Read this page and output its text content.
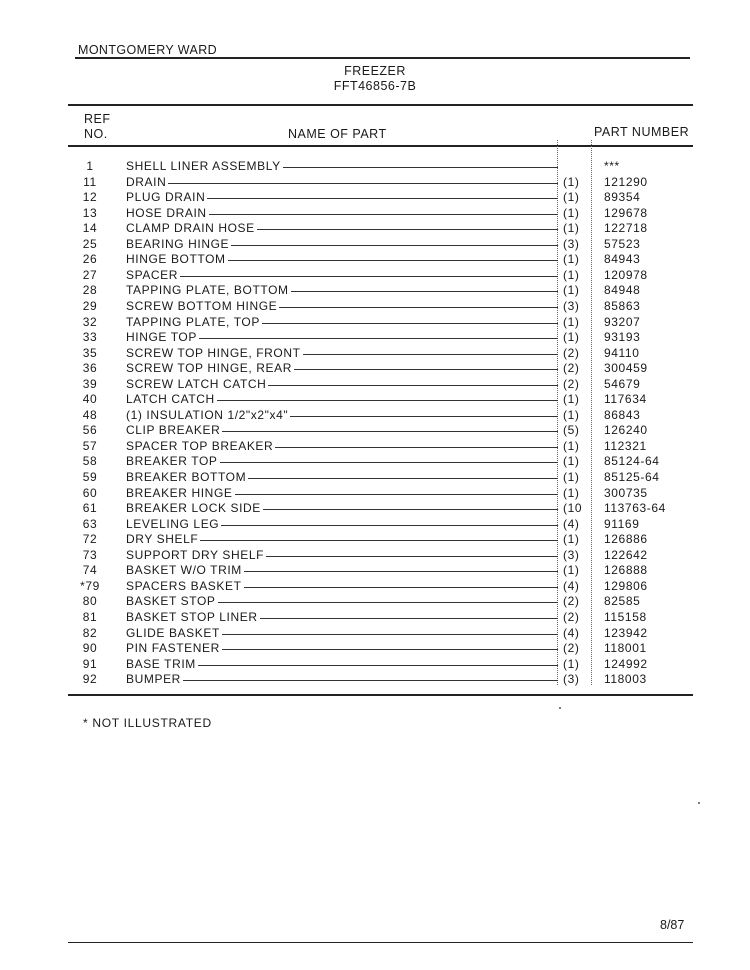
MONTGOMERY WARD
FREEZER
FFT46856-7B
REF
NO.	NAME OF PART	PART NUMBER
1	SHELL LINER ASSEMBLY	***
11	DRAIN	(1) 121290
12	PLUG DRAIN	(1) 89354
13	HOSE DRAIN	(1) 129678
14	CLAMP DRAIN HOSE	(1) 122718
25	BEARING HINGE	(3) 57523
26	HINGE BOTTOM	(1) 84943
27	SPACER	(1) 120978
28	TAPPING PLATE, BOTTOM	(1) 84948
29	SCREW BOTTOM HINGE	(3) 85863
32	TAPPING PLATE, TOP	(1) 93207
33	HINGE TOP	(1) 93193
35	SCREW TOP HINGE, FRONT	(2) 94110
36	SCREW TOP HINGE, REAR	(2) 300459
39	SCREW LATCH CATCH	(2) 54679
40	LATCH CATCH	(1) 117634
48	(1) INSULATION 1/2"x2"x4"	(1) 86843
56	CLIP BREAKER	(5) 126240
57	SPACER TOP BREAKER	(1) 112321
58	BREAKER TOP	(1) 85124-64
59	BREAKER BOTTOM	(1) 85125-64
60	BREAKER HINGE	(1) 300735
61	BREAKER LOCK SIDE	(10 113763-64
63	LEVELING LEG	(4) 91169
72	DRY SHELF	(1) 126886
73	SUPPORT DRY SHELF	(3) 122642
74	BASKET W/O TRIM	(1) 126888
*79	SPACERS BASKET	(4) 129806
80	BASKET STOP	(2) 82585
81	BASKET STOP LINER	(2) 115158
82	GLIDE BASKET	(4) 123942
90	PIN FASTENER	(2) 118001
91	BASE TRIM	(1) 124992
92	BUMPER	(3) 118003
* NOT ILLUSTRATED
8/87
